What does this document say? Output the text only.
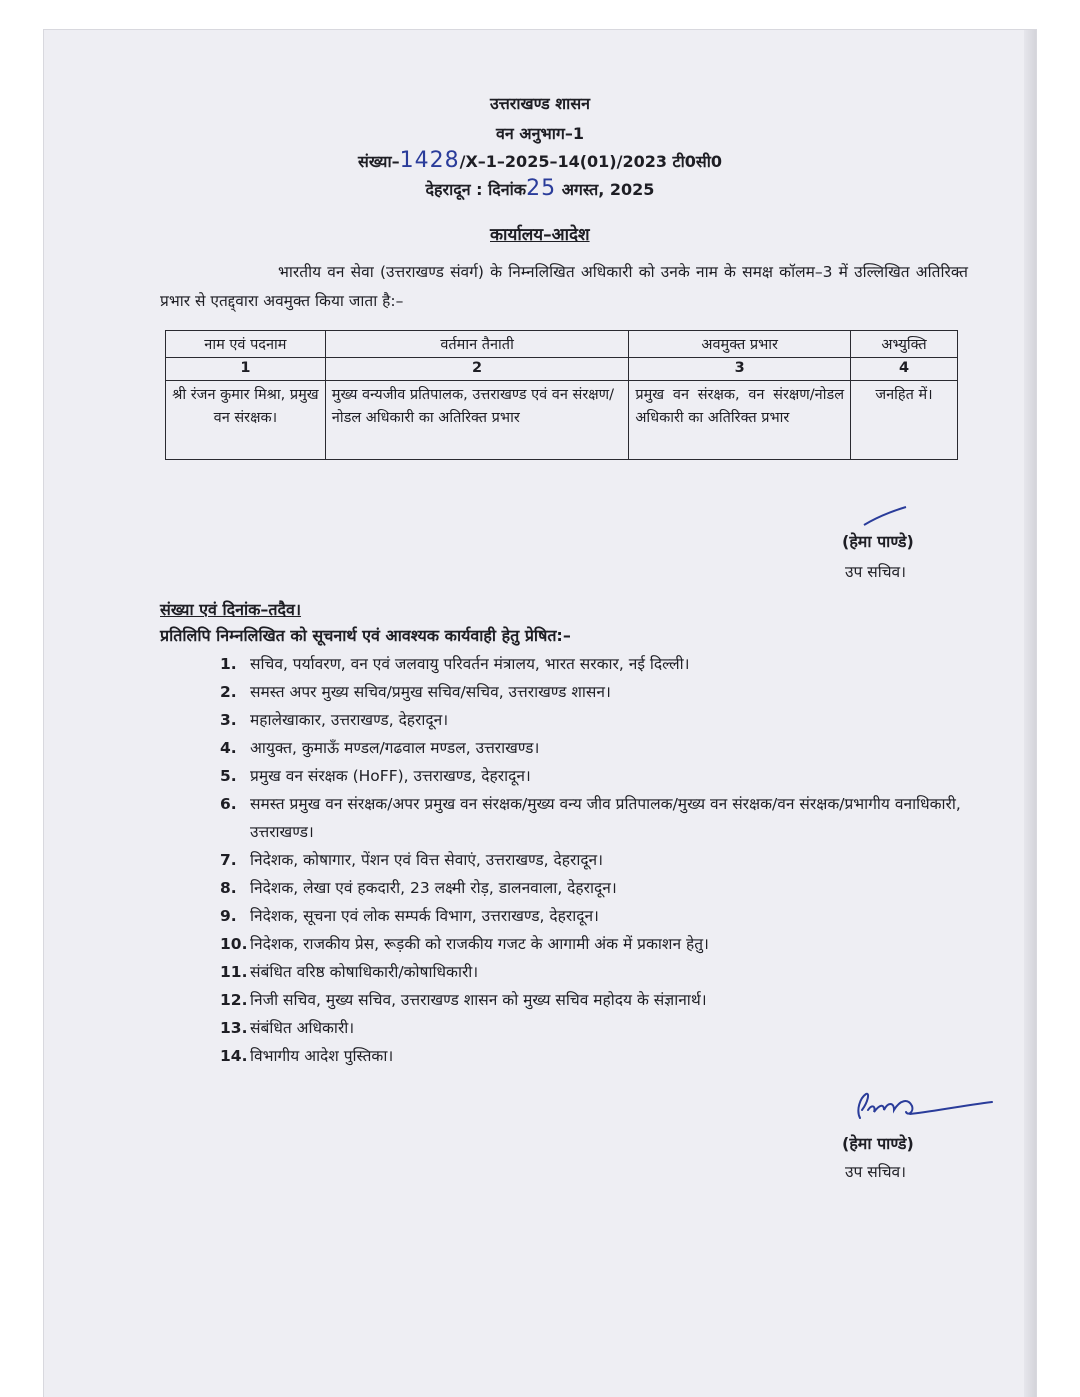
उत्तराखण्ड शासन
वन अनुभाग–1
संख्या–1428/X–1–2025–14(01)/2023 टी0सी0
देहरादून : दिनांक25 अगस्त, 2025
कार्यालय–आदेश
भारतीय वन सेवा (उत्तराखण्ड संवर्ग) के निम्नलिखित अधिकारी को उनके नाम के समक्ष कॉलम–3 में उल्लिखित अतिरिक्त प्रभार से एतद्द्वारा अवमुक्त किया जाता है:–
नाम एवं पदनाम	वर्तमान तैनाती	अवमुक्त प्रभार	अभ्युक्ति
1	2	3	4
श्री रंजन कुमार मिश्रा, प्रमुख वन संरक्षक।	मुख्य वन्यजीव प्रतिपालक, उत्तराखण्ड एवं वन संरक्षण/नोडल अधिकारी का अतिरिक्त प्रभार	प्रमुख वन संरक्षक, वन संरक्षण/नोडल अधिकारी का अतिरिक्त प्रभार	जनहित में।
(हेमा पाण्डे)
उप सचिव।
संख्या एवं दिनांक–तदैव।
प्रतिलिपि निम्नलिखित को सूचनार्थ एवं आवश्यक कार्यवाही हेतु प्रेषित:–
1. सचिव, पर्यावरण, वन एवं जलवायु परिवर्तन मंत्रालय, भारत सरकार, नई दिल्ली।
2. समस्त अपर मुख्य सचिव/प्रमुख सचिव/सचिव, उत्तराखण्ड शासन।
3. महालेखाकार, उत्तराखण्ड, देहरादून।
4. आयुक्त, कुमाऊँ मण्डल/गढवाल मण्डल, उत्तराखण्ड।
5. प्रमुख वन संरक्षक (HoFF), उत्तराखण्ड, देहरादून।
6. समस्त प्रमुख वन संरक्षक/अपर प्रमुख वन संरक्षक/मुख्य वन्य जीव प्रतिपालक/मुख्य वन संरक्षक/वन संरक्षक/प्रभागीय वनाधिकारी, उत्तराखण्ड।
7. निदेशक, कोषागार, पेंशन एवं वित्त सेवाएं, उत्तराखण्ड, देहरादून।
8. निदेशक, लेखा एवं हकदारी, 23 लक्ष्मी रोड़, डालनवाला, देहरादून।
9. निदेशक, सूचना एवं लोक सम्पर्क विभाग, उत्तराखण्ड, देहरादून।
10. निदेशक, राजकीय प्रेस, रूड़की को राजकीय गजट के आगामी अंक में प्रकाशन हेतु।
11. संबंधित वरिष्ठ कोषाधिकारी/कोषाधिकारी।
12. निजी सचिव, मुख्य सचिव, उत्तराखण्ड शासन को मुख्य सचिव महोदय के संज्ञानार्थ।
13. संबंधित अधिकारी।
14. विभागीय आदेश पुस्तिका।
(हेमा पाण्डे)
उप सचिव।
